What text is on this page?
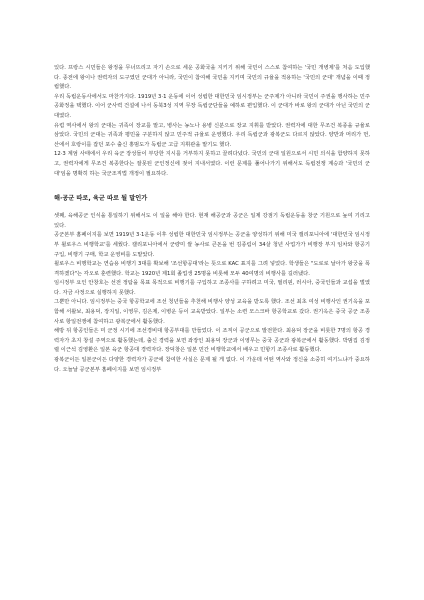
있다. 프랑스 시민들은 왕정을 무너뜨리고 자기 손으로 세운 공화국을 지키기 위해 국민이 스스로 참여하는 '국민 개병제'를 처음 도입했다. 종전에 왕이나 권력자의 도구였던 군대가 아니라, 국민이 참여해 국민을 지키며 국민의 규율을 적용하는 '국민의 군대' 개념을 이때 정립했다.

우리 독립운동사에서도 마찬가지다. 1919년 3·1 운동에 이어 성립한 대한민국 임시정부는 군주제가 아니라 국민이 주권을 행사하는 민주공화정을 택했다. 이어 군사력 건설에 나서 동북3성 지역 무장 독립군단들을 예하로 편입했다. 이 군대가 바로 왕의 군대가 아닌 국민의 군대였다.

유럽 역사에서 왕의 군대는 귀족이 장교를 맡고, 병사는 농노나 용병 신분으로 장교 지휘를 받았다. 권력자에 대한 무조건 복종을 규율로 삼았다. 국민의 군대는 귀족과 평민을 구분하지 않고 민주적 규율로 운영했다. 우리 독립군과 광복군도 다르지 않았다. 양반과 머리가 먼, 산에서 호랑이를 잡던 포수 출신 홍범도가 독립군 고급 지휘관을 맡기도 했다.

12·3 계엄 사태에서 우리 육군 장성들이 부당한 지시를 거부하지 못하고 끌려다녔다. 국민의 군대 일원으로서 시민 의식을 함양하지 못하고, 권력자에게 무조건 복종한다는 잘못된 군인정신에 젖어 지내서였다. 이런 문제를 풀어나가기 위해서도 독립전쟁 계승과 '국민의 군대'임을 명확히 하는 국군조직법 개정이 필요하다.

해·공군 따로, 육군 따로 될 말인가

셋째, 육해공군 인식을 통일하기 위해서도 이 일을 해야 한다. 현재 해공군과 공군은 일제 강점기 독립운동을 창군 기원으로 높여 기리고 있다.

공군본부 홈페이지를 보면 1919년 3·1운동 이후 성립한 대한민국 임시정부는 공군을 양성하기 위해 미국 캘리포니아에 '대한민국 임시정부 윌로우스 비행학교'를 세웠다. 캘리포니아에서 군량미 쌀 농사로 큰돈을 번 김종림이 34살 청년 사업가가 비행장 부지 임차와 항공기 구입, 비행기 구매, 학교 운영비를 도맡았다.

윌로우스 비행학교는 연습용 비행기 3대를 확보해 '조선항공대'라는 뜻으로 KAC 표지를 그려 넣었다. 학생들은 "도로로 날아가 왕궁을 폭격하겠다"는 각오로 훈련했다. 학교는 1920년 제1회 졸업생 25명을 비롯해 모두 40여명의 비행사를 길러냈다.

임시정부 요인 안창호는 선전 정탐을 목표 목적으로 비행기를 구입하고 조종사를 구하려고 미국, 필리핀, 러시아, 중국인들과 교섭을 벌였다. 자금 사정으로 실행하지 못했다.

그뿐만 아니다. 임시정부는 중국 항공학교에 조선 청년들을 추천해 비행사 양성 교육을 받도록 했다. 조선 최초 여성 비행사인 권기옥을 포함해 서왈보, 최용덕, 장지일, 이영무, 김은제, 이병운 등이 교육받았다. 일부는 소련 모스크바 항공학교로 갔다. 권기옥은 중국 공군 조종사로 항일전쟁에 참여하고 광복군에서 활동했다.

해방 뒤 항공인들은 미 군정 시기에 조선경비대 항공부대를 만들었다. 이 조직이 공군으로 발전한다. 최용덕 장군을 비롯한 7명의 항공 경력자가 초지 창설 주역으로 활동했는데, 출신 경력을 보면 좌장인 최용덕 장군과 이영무는 중국 공군과 광복군에서 활동했다. 박범집 김정렬 이근석 김영환은 일본 육군 항공대 경력자다. 장덕창은 일본 민간 비행학교에서 배우고 민항기 조종사로 활동했다.

광복군이든 일본군이든 다양한 경력자가 공군에 참여한 사실은 문제 될 게 없다. 이 가운데 어떤 역사와 정신을 소중히 여기느냐가 중요하다. 오늘날 공군본부 홈페이지를 보면 임시정부
